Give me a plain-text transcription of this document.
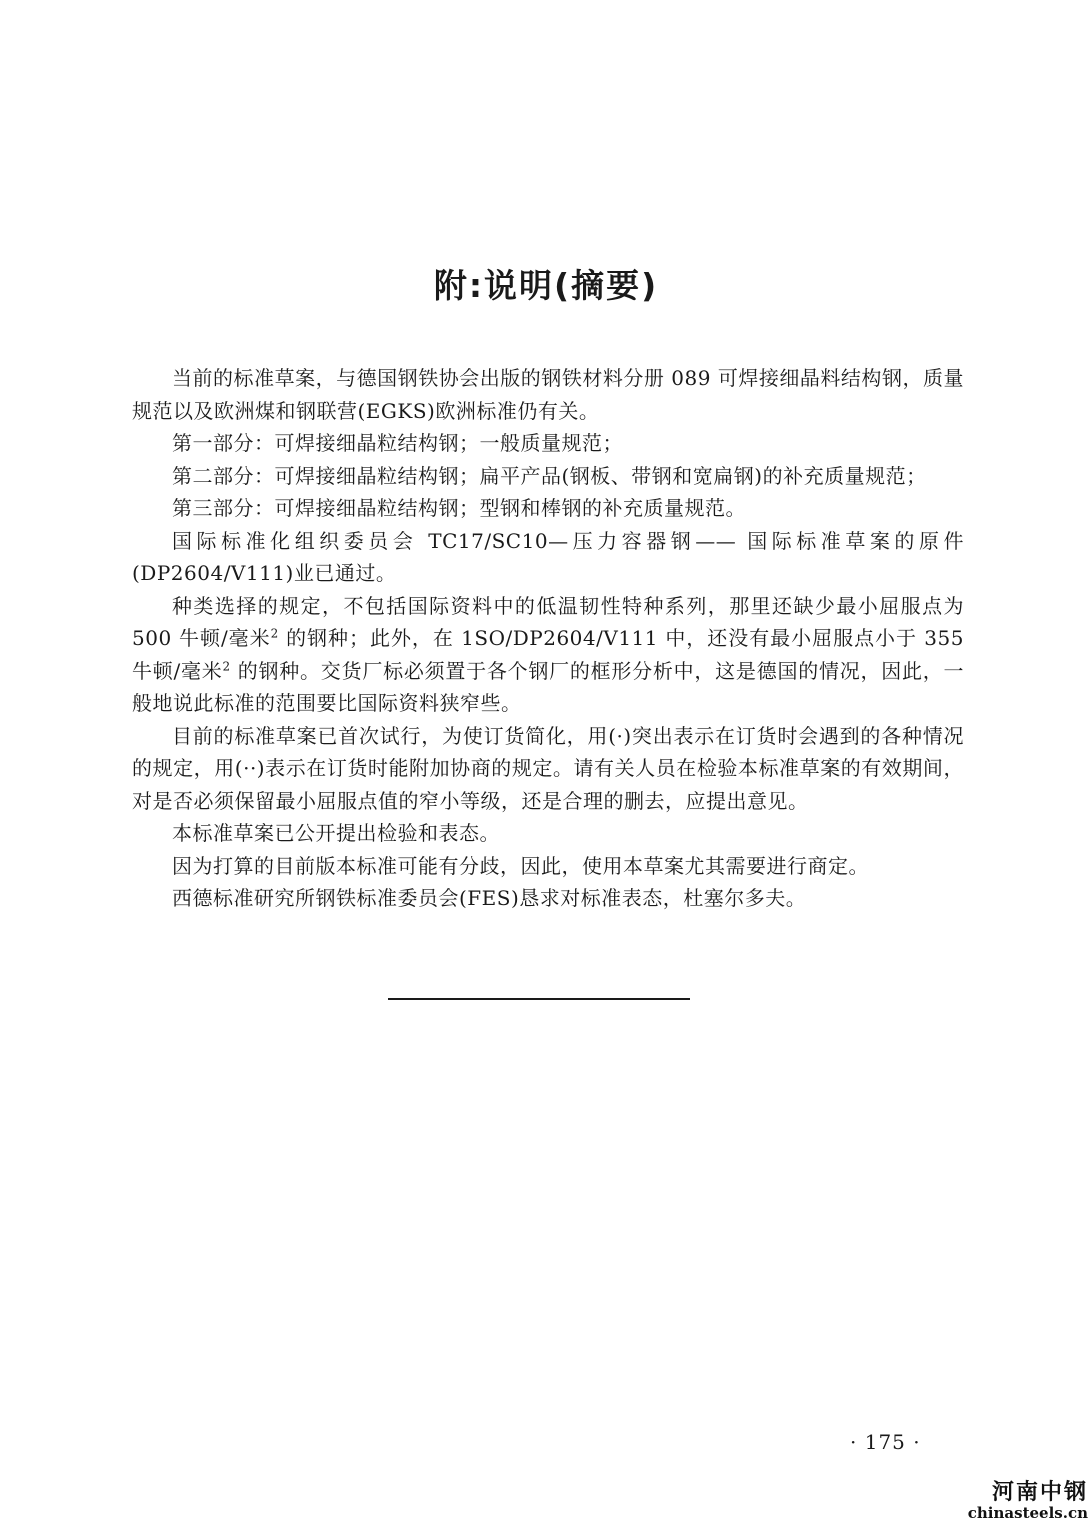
附:说明(摘要)

当前的标准草案，与德国钢铁协会出版的钢铁材料分册 089 可焊接细晶料结构钢，质量规范以及欧洲煤和钢联营(EGKS)欧洲标准仍有关。

第一部分：可焊接细晶粒结构钢；一般质量规范；

第二部分：可焊接细晶粒结构钢；扁平产品(钢板、带钢和宽扁钢)的补充质量规范；

第三部分：可焊接细晶粒结构钢；型钢和棒钢的补充质量规范。

国际标准化组织委员会 TC17/SC10—压力容器钢—— 国际标准草案的原件(DP2604/V111)业已通过。

种类选择的规定，不包括国际资料中的低温韧性特种系列，那里还缺少最小屈服点为 500 牛顿/毫米$^2$ 的钢种；此外，在 1SO/DP2604/V111 中，还没有最小屈服点小于 355 牛顿/毫米$^2$ 的钢种。交货厂标必须置于各个钢厂的框形分析中，这是德国的情况，因此，一般地说此标准的范围要比国际资料狭窄些。

目前的标准草案已首次试行，为使订货简化，用(·)突出表示在订货时会遇到的各种情况的规定，用(··)表示在订货时能附加协商的规定。请有关人员在检验本标准草案的有效期间，对是否必须保留最小屈服点值的窄小等级，还是合理的删去，应提出意见。

本标准草案已公开提出检验和表态。

因为打算的目前版本标准可能有分歧，因此，使用本草案尤其需要进行商定。

西德标准研究所钢铁标准委员会(FES)恳求对标准表态，杜塞尔多夫。

· 175 ·
河南中钢
chinasteels.cn
